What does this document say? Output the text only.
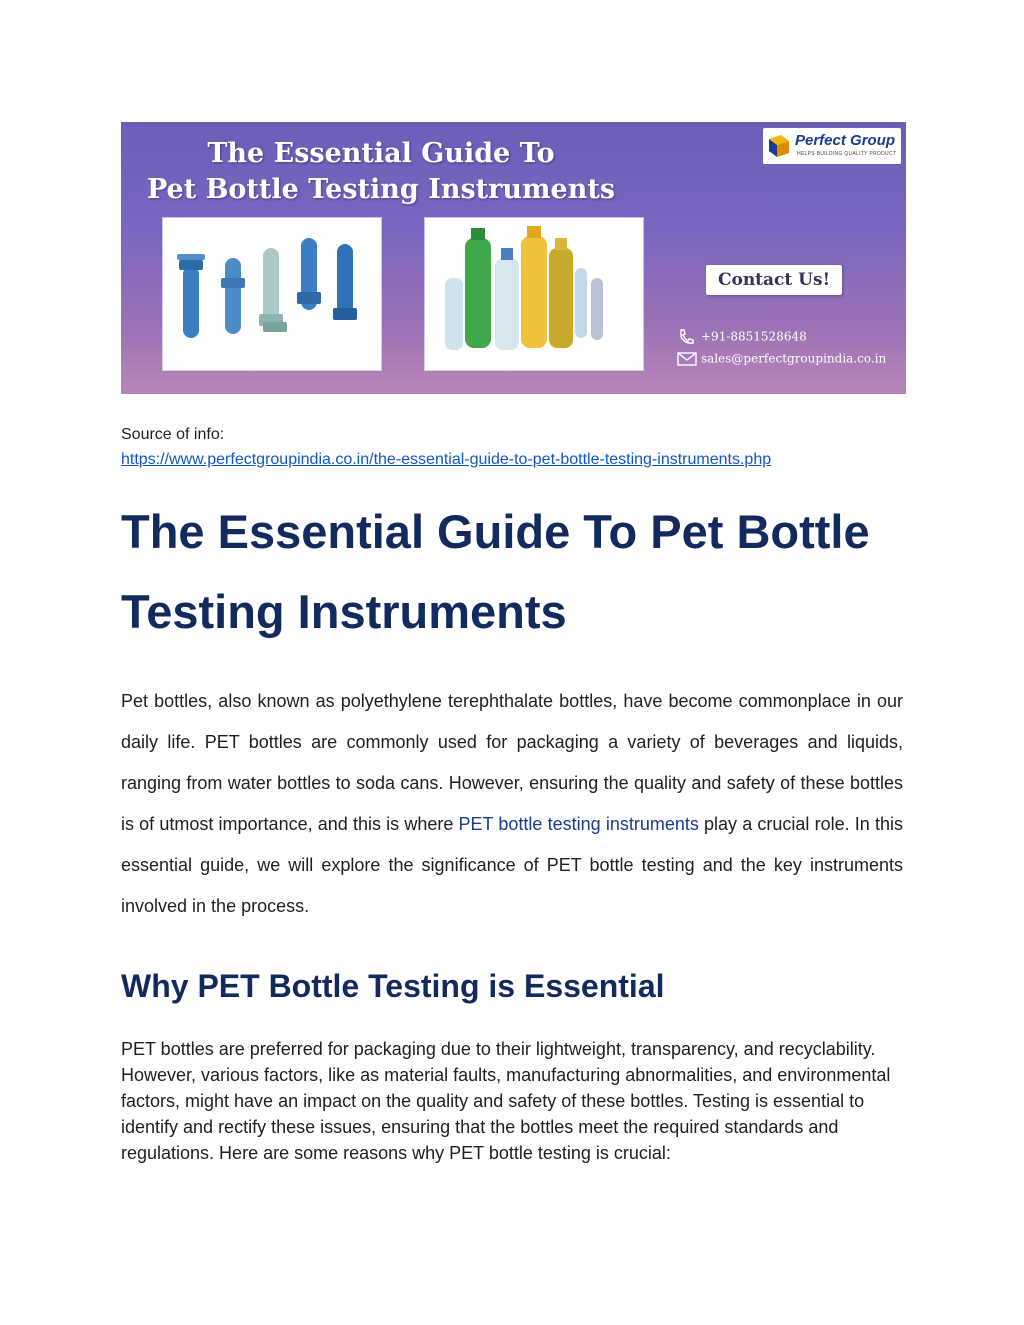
The Essential Guide To
Pet Bottle Testing Instruments
Perfect Group
HELPS BUILDING QUALITY PRODUCT
Contact Us!
+91-8851528648
sales@perfectgroupindia.co.in
Source of info:
https://www.perfectgroupindia.co.in/the-essential-guide-to-pet-bottle-testing-instruments.php
The Essential Guide To Pet Bottle Testing Instruments

Pet bottles, also known as polyethylene terephthalate bottles, have become commonplace in our daily life. PET bottles are commonly used for packaging a variety of beverages and liquids, ranging from water bottles to soda cans. However, ensuring the quality and safety of these bottles is of utmost importance, and this is where PET bottle testing instruments play a crucial role. In this essential guide, we will explore the significance of PET bottle testing and the key instruments involved in the process.

Why PET Bottle Testing is Essential

PET bottles are preferred for packaging due to their lightweight, transparency, and recyclability. However, various factors, like as material faults, manufacturing abnormalities, and environmental factors, might have an impact on the quality and safety of these bottles. Testing is essential to identify and rectify these issues, ensuring that the bottles meet the required standards and regulations. Here are some reasons why PET bottle testing is crucial:
